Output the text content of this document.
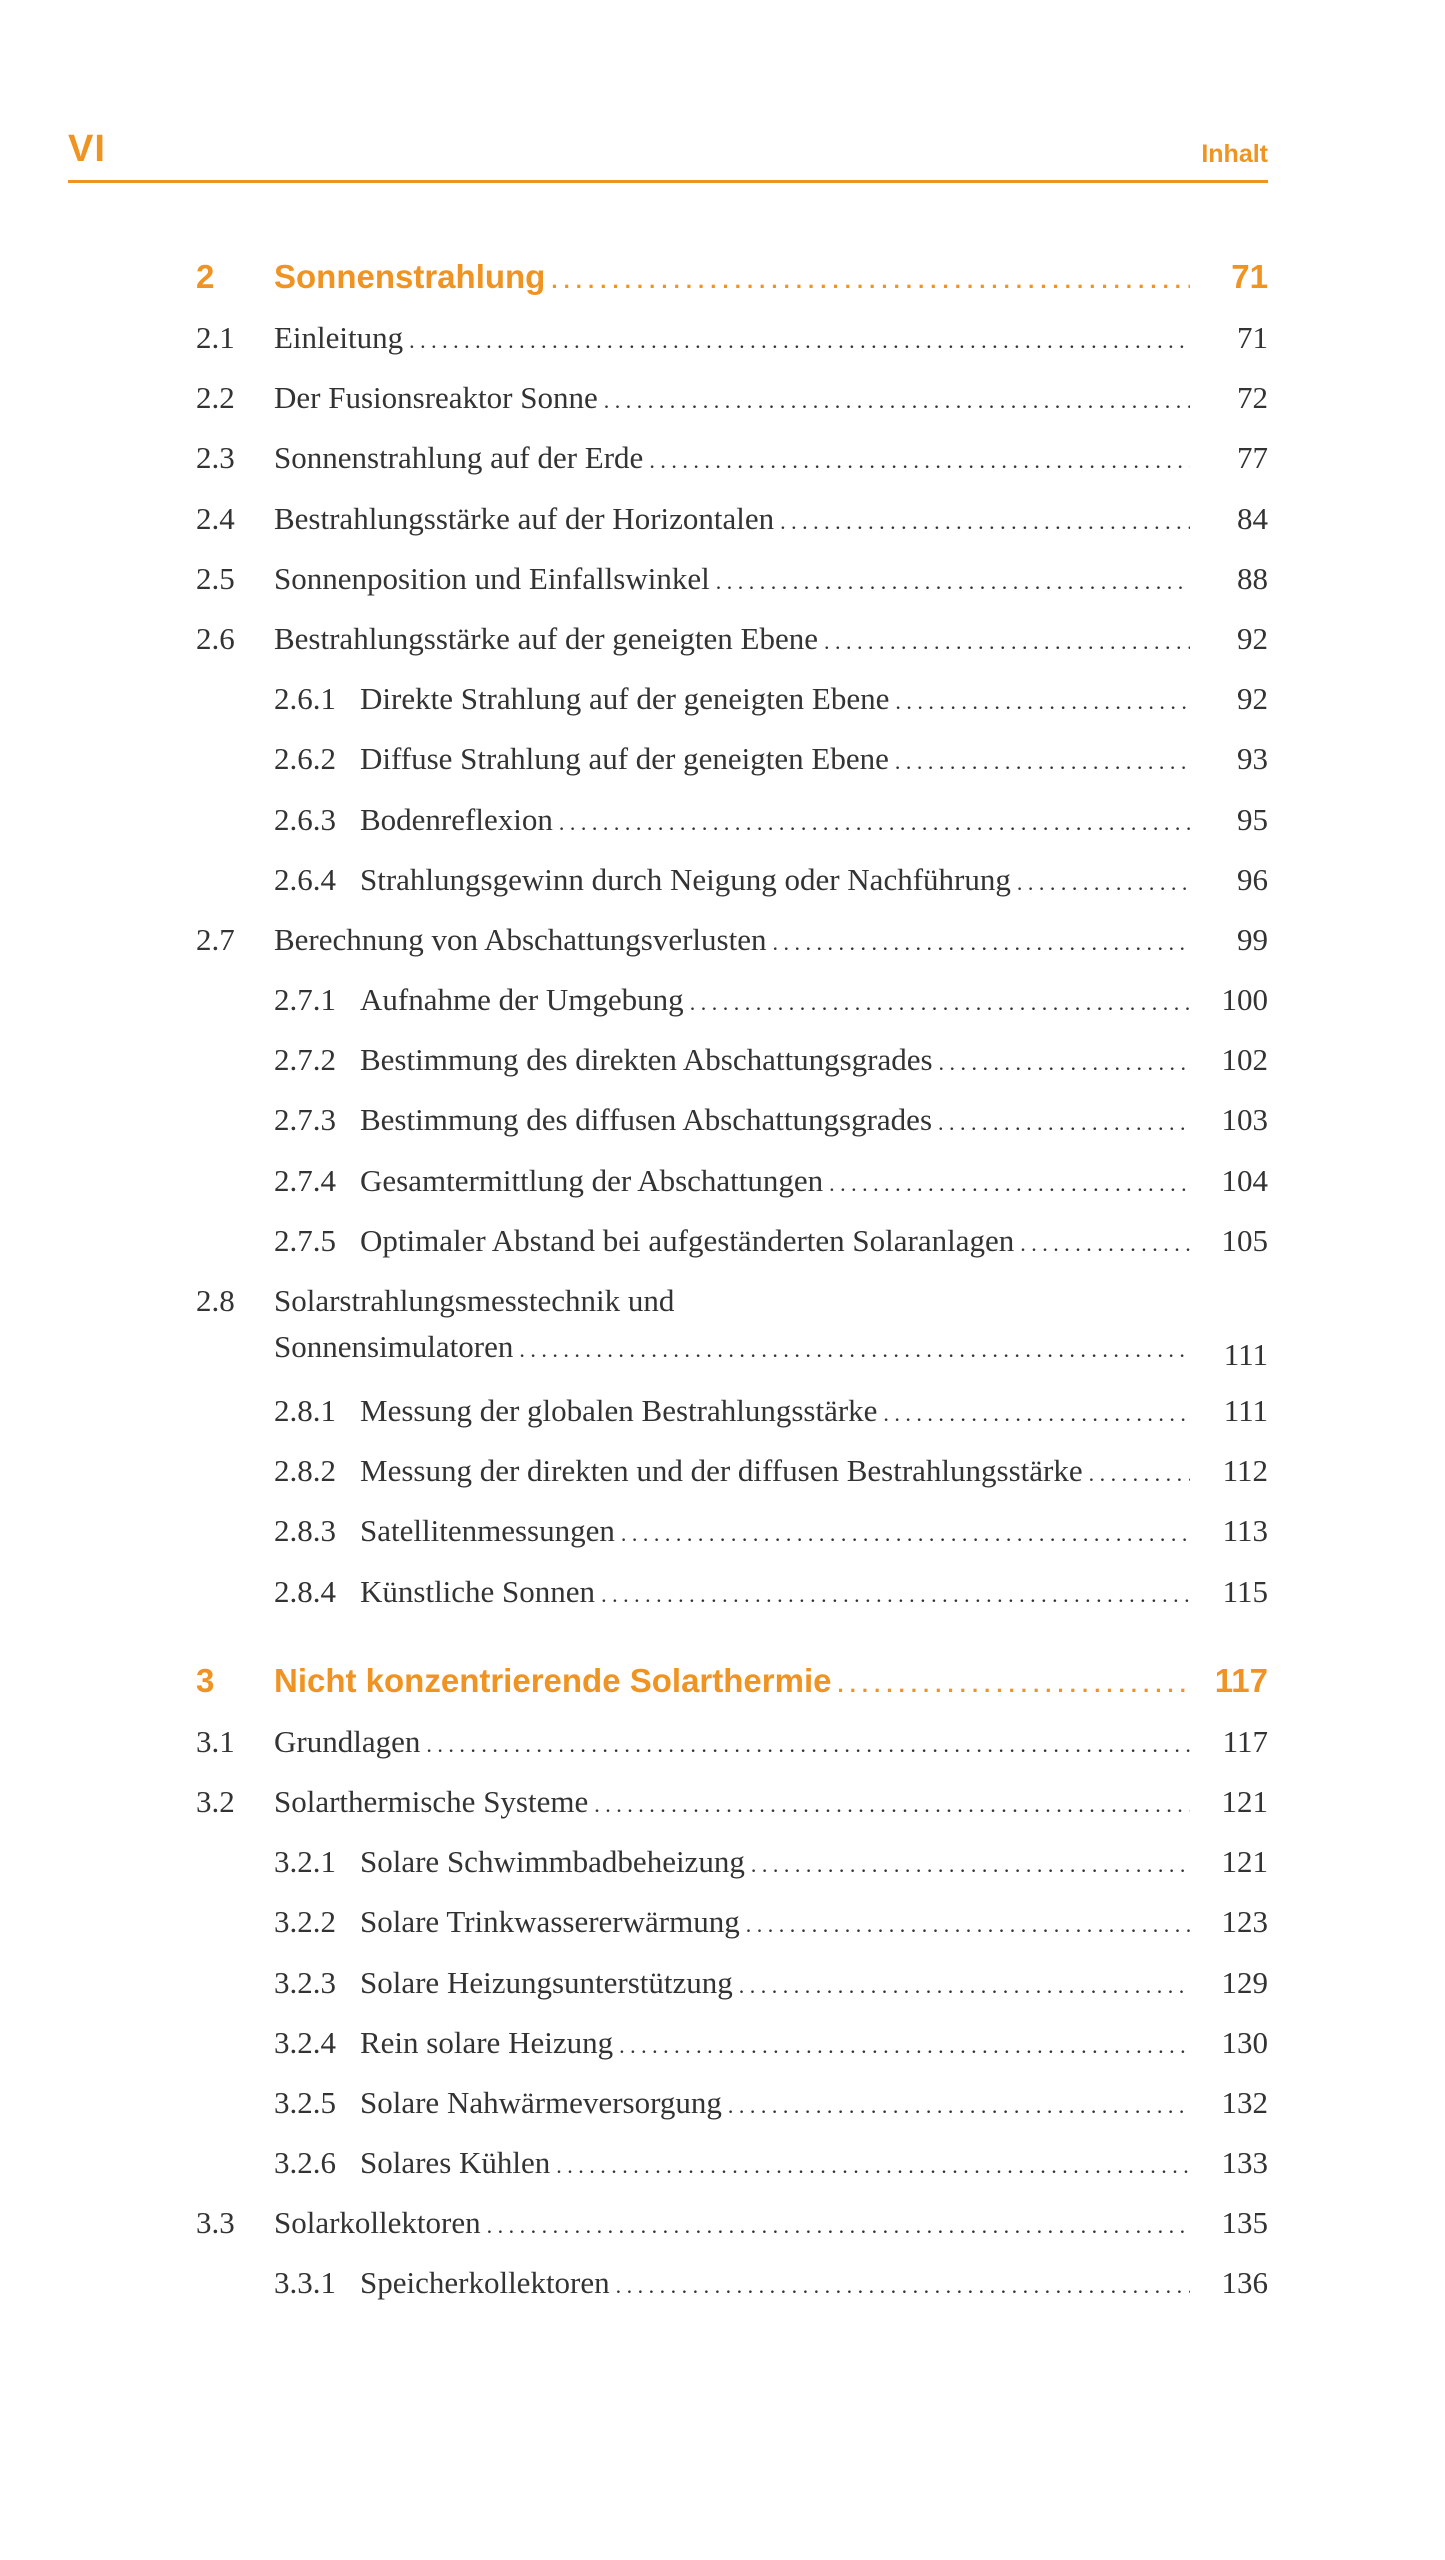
VI	Inhalt
2 Sonnenstrahlung . . .	71
2.1 Einleitung . . .	71
2.2 Der Fusionsreaktor Sonne . . .	72
2.3 Sonnenstrahlung auf der Erde . . .	77
2.4 Bestrahlungsstärke auf der Horizontalen . . .	84
2.5 Sonnenposition und Einfallswinkel . . .	88
2.6 Bestrahlungsstärke auf der geneigten Ebene . . .	92
2.6.1 Direkte Strahlung auf der geneigten Ebene . . .	92
2.6.2 Diffuse Strahlung auf der geneigten Ebene . . .	93
2.6.3 Bodenreflexion . . .	95
2.6.4 Strahlungsgewinn durch Neigung oder Nachführung . . .	96
2.7 Berechnung von Abschattungsverlusten . . .	99
2.7.1 Aufnahme der Umgebung . . .	100
2.7.2 Bestimmung des direkten Abschattungsgrades . . .	102
2.7.3 Bestimmung des diffusen Abschattungsgrades . . .	103
2.7.4 Gesamtermittlung der Abschattungen . . .	104
2.7.5 Optimaler Abstand bei aufgeständerten Solaranlagen . . .	105
2.8 Solarstrahlungsmesstechnik und
Sonnensimulatoren . . .	111
2.8.1 Messung der globalen Bestrahlungsstärke . . .	111
2.8.2 Messung der direkten und der diffusen Bestrahlungsstärke . . .	112
2.8.3 Satellitenmessungen . . .	113
2.8.4 Künstliche Sonnen . . .	115
3 Nicht konzentrierende Solarthermie . . .	117
3.1 Grundlagen . . .	117
3.2 Solarthermische Systeme . . .	121
3.2.1 Solare Schwimmbadbeheizung . . .	121
3.2.2 Solare Trinkwassererwärmung . . .	123
3.2.3 Solare Heizungsunterstützung . . .	129
3.2.4 Rein solare Heizung . . .	130
3.2.5 Solare Nahwärmeversorgung . . .	132
3.2.6 Solares Kühlen . . .	133
3.3 Solarkollektoren . . .	135
3.3.1 Speicherkollektoren . . .	136
